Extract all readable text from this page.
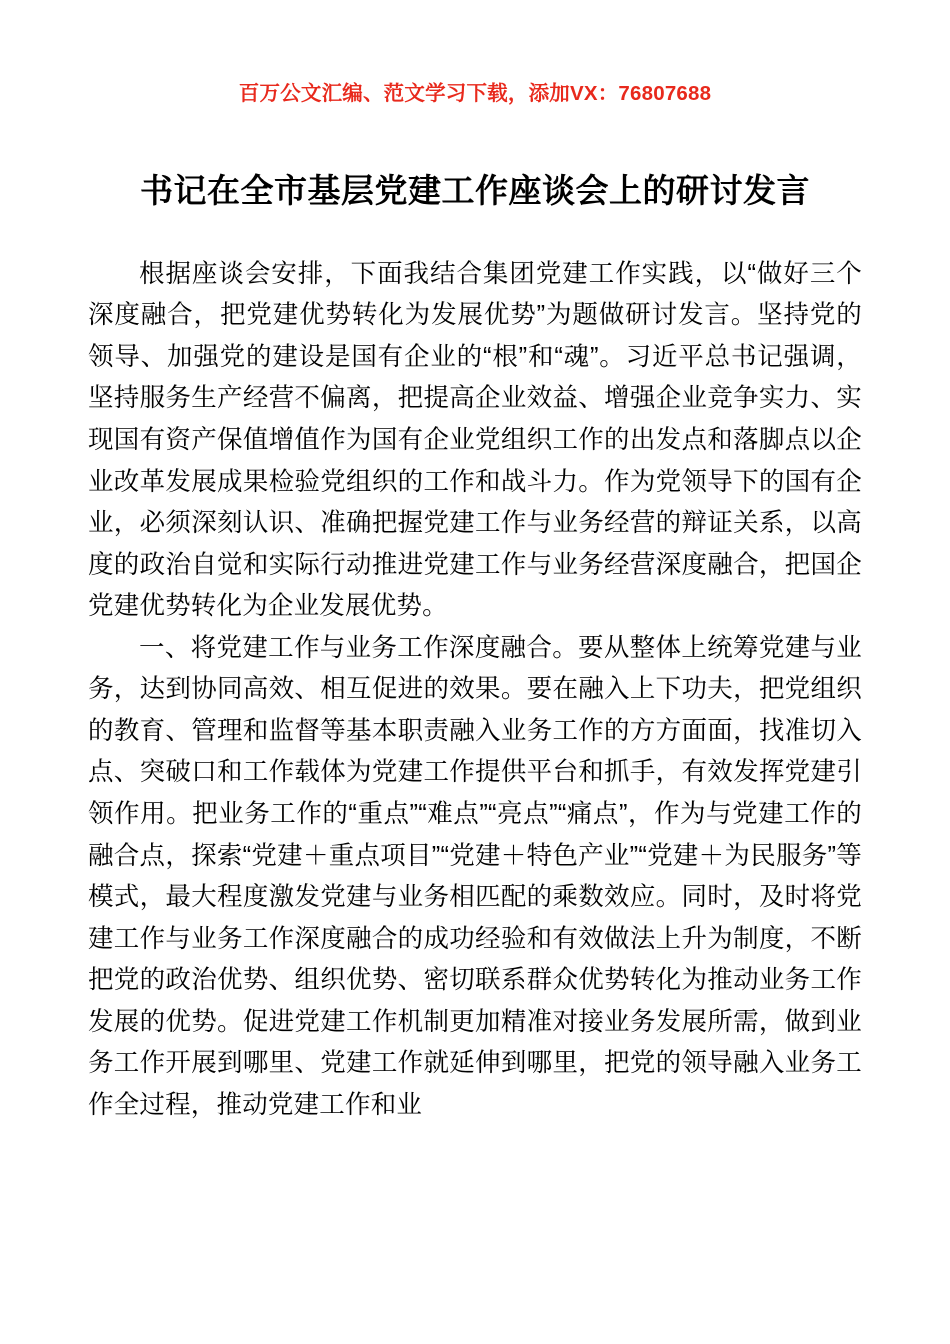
百万公文汇编、范文学习下载，添加VX：76807688
书记在全市基层党建工作座谈会上的研讨发言

根据座谈会安排，下面我结合集团党建工作实践，以“做好三个深度融合，把党建优势转化为发展优势”为题做研讨发言。坚持党的领导、加强党的建设是国有企业的“根”和“魂”。习近平总书记强调，坚持服务生产经营不偏离，把提高企业效益、增强企业竞争实力、实现国有资产保值增值作为国有企业党组织工作的出发点和落脚点以企业改革发展成果检验党组织的工作和战斗力。作为党领导下的国有企业，必须深刻认识、准确把握党建工作与业务经营的辩证关系，以高度的政治自觉和实际行动推进党建工作与业务经营深度融合，把国企党建优势转化为企业发展优势。

一、将党建工作与业务工作深度融合。要从整体上统筹党建与业务，达到协同高效、相互促进的效果。要在融入上下功夫，把党组织的教育、管理和监督等基本职责融入业务工作的方方面面，找准切入点、突破口和工作载体为党建工作提供平台和抓手，有效发挥党建引领作用。把业务工作的“重点”“难点”“亮点”“痛点”，作为与党建工作的融合点，探索“党建＋重点项目”“党建＋特色产业”“党建＋为民服务”等模式，最大程度激发党建与业务相匹配的乘数效应。同时，及时将党建工作与业务工作深度融合的成功经验和有效做法上升为制度，不断把党的政治优势、组织优势、密切联系群众优势转化为推动业务工作发展的优势。促进党建工作机制更加精准对接业务发展所需，做到业务工作开展到哪里、党建工作就延伸到哪里，把党的领导融入业务工作全过程，推动党建工作和业
